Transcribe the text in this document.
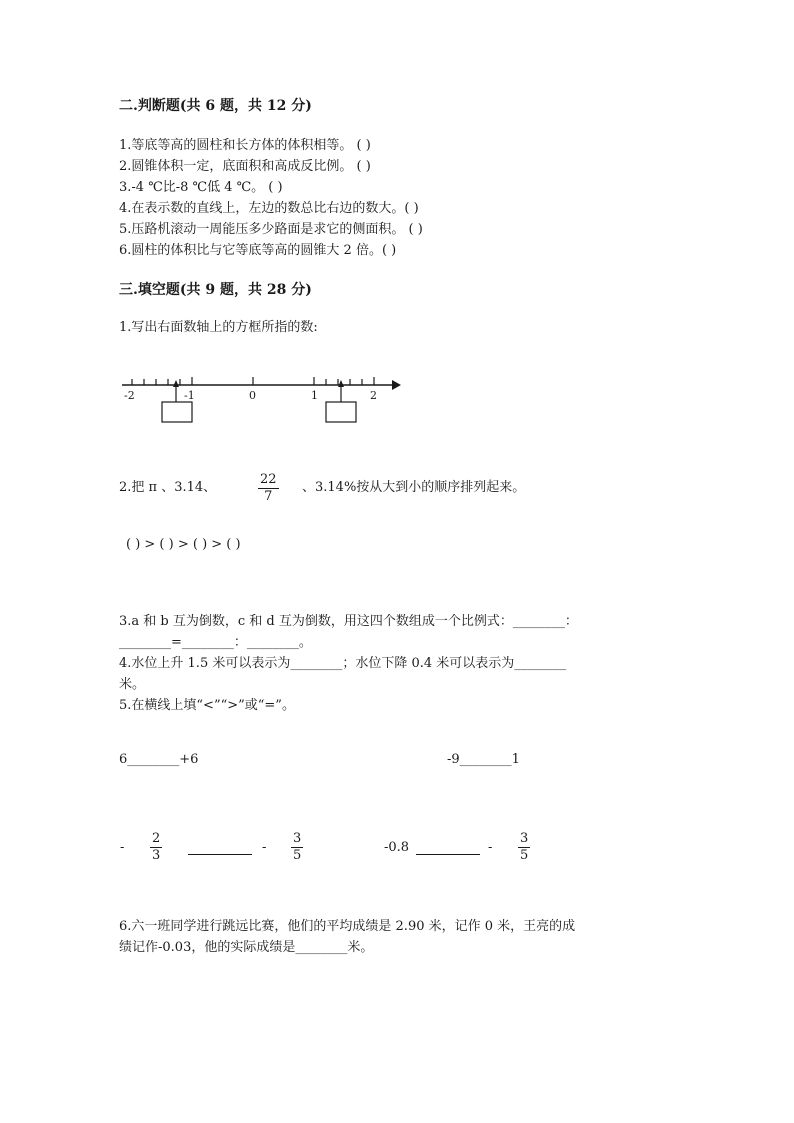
二.判断题(共 6 题，共 12 分)
1.等底等高的圆柱和长方体的体积相等。 ( )
2.圆锥体积一定，底面积和高成反比例。 ( )
3.-4 ℃比-8 ℃低 4 ℃。 ( )
4.在表示数的直线上，左边的数总比右边的数大。( )
5.压路机滚动一周能压多少路面是求它的侧面积。 ( )
6.圆柱的体积比与它等底等高的圆锥大 2 倍。( )
三.填空题(共 9 题，共 28 分)
1.写出右面数轴上的方框所指的数:
-2	-1	0	1	2
2.把 π 、3.14、
22
7
、3.14%按从大到小的顺序排列起来。
( ) > ( ) > ( ) > ( )
3.a 和 b 互为倒数，c 和 d 互为倒数，用这四个数组成一个比例式：________：
________=________：________。
4.水位上升 1.5 米可以表示为________；水位下降 0.4 米可以表示为________
米。
5.在横线上填“<”“>”或“=”。
6________+6	-9________1
-
2
3
-
3
5
-0.8	-
3
5
6.六一班同学进行跳远比赛，他们的平均成绩是 2.90 米，记作 0 米，王亮的成
绩记作-0.03，他的实际成绩是________米。
